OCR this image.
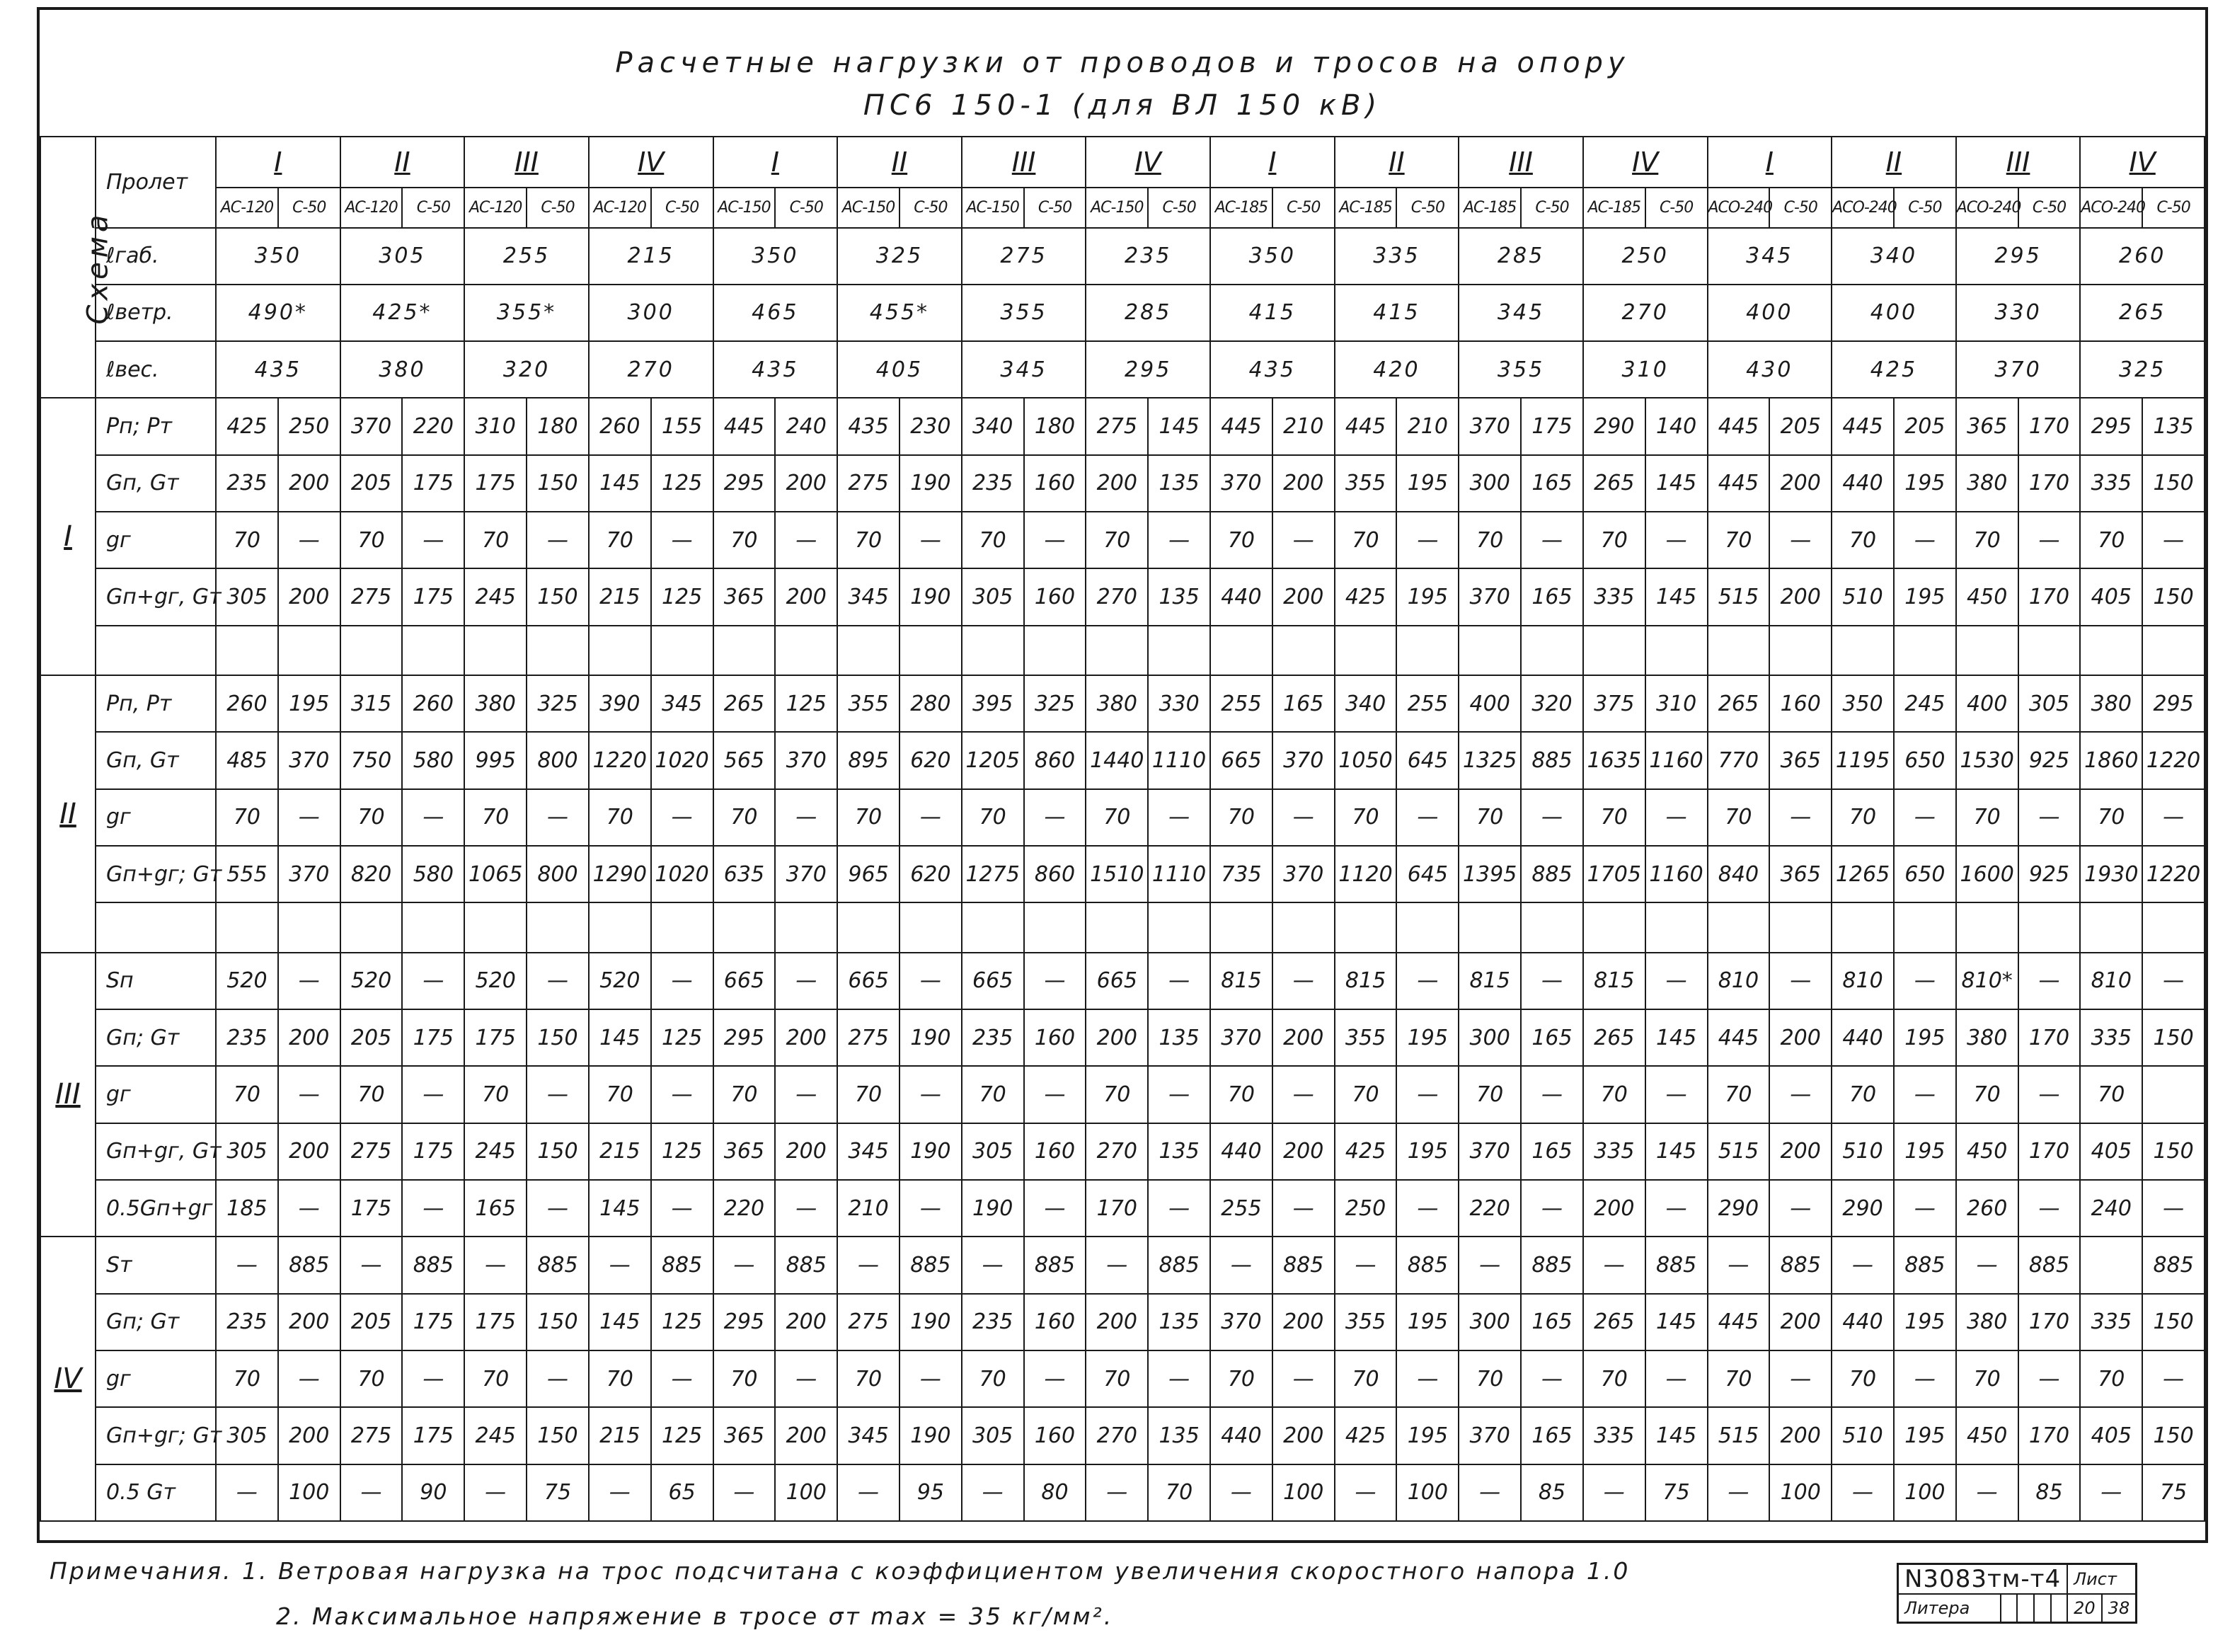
Расчетные нагрузки от проводов и тросов на опору
ПС6 150-1 (для ВЛ 150 кВ)
Схема	Пролет	I		II		III		IV		I		II		III		IV		I		II		III		IV		I		II		III		IV	
		АС-120	С-50	АС-120	С-50	АС-120	С-50	АС-120	С-50	АС-150	С-50	АС-150	С-50	АС-150	С-50	АС-150	С-50	АС-185	С-50	АС-185	С-50	АС-185	С-50	АС-185	С-50	АСО-240	С-50	АСО-240	С-50	АСО-240	С-50	АСО-240	С-50
	ℓгаб.	350		305		255		215		350		325		275		235		350		335		285		250		345		340		295		260	
	ℓветр.	490*		425*		355*		300		465		455*		355		285		415		415		345		270		400		400		330		265	
	ℓвес.	435		380		320		270		435		405		345		295		435		420		355		310		430		425		370		325	
I	Pп; Pт	425	250	370	220	310	180	260	155	445	240	435	230	340	180	275	145	445	210	445	210	370	175	290	140	445	205	445	205	365	170	295	135
	Gп, Gт	235	200	205	175	175	150	145	125	295	200	275	190	235	160	200	135	370	200	355	195	300	165	265	145	445	200	440	195	380	170	335	150
	gг	70	—	70	—	70	—	70	—	70	—	70	—	70	—	70	—	70	—	70	—	70	—	70	—	70	—	70	—	70	—	70	—
	Gп+gг, Gт	305	200	275	175	245	150	215	125	365	200	345	190	305	160	270	135	440	200	425	195	370	165	335	145	515	200	510	195	450	170	405	150

II	Pп, Pт	260	195	315	260	380	325	390	345	265	125	355	280	395	325	380	330	255	165	340	255	400	320	375	310	265	160	350	245	400	305	380	295
	Gп, Gт	485	370	750	580	995	800	1220	1020	565	370	895	620	1205	860	1440	1110	665	370	1050	645	1325	885	1635	1160	770	365	1195	650	1530	925	1860	1220
	gг	70	—	70	—	70	—	70	—	70	—	70	—	70	—	70	—	70	—	70	—	70	—	70	—	70	—	70	—	70	—	70	—
	Gп+gг; Gт	555	370	820	580	1065	800	1290	1020	635	370	965	620	1275	860	1510	1110	735	370	1120	645	1395	885	1705	1160	840	365	1265	650	1600	925	1930	1220

III	Sп	520	—	520	—	520	—	520	—	665	—	665	—	665	—	665	—	815	—	815	—	815	—	815	—	810	—	810	—	810*	—	810	—
	Gп; Gт	235	200	205	175	175	150	145	125	295	200	275	190	235	160	200	135	370	200	355	195	300	165	265	145	445	200	440	195	380	170	335	150
	gг	70	—	70	—	70	—	70	—	70	—	70	—	70	—	70	—	70	—	70	—	70	—	70	—	70	—	70	—	70	—	70	
	Gп+gг, Gт	305	200	275	175	245	150	215	125	365	200	345	190	305	160	270	135	440	200	425	195	370	165	335	145	515	200	510	195	450	170	405	150
	0.5Gп+gг	185	—	175	—	165	—	145	—	220	—	210	—	190	—	170	—	255	—	250	—	220	—	200	—	290	—	290	—	260	—	240	—
IV	Sт	—	885	—	885	—	885	—	885	—	885	—	885	—	885	—	885	—	885	—	885	—	885	—	885	—	885	—	885	—	885		885
	Gп; Gт	235	200	205	175	175	150	145	125	295	200	275	190	235	160	200	135	370	200	355	195	300	165	265	145	445	200	440	195	380	170	335	150
	gг	70	—	70	—	70	—	70	—	70	—	70	—	70	—	70	—	70	—	70	—	70	—	70	—	70	—	70	—	70	—	70	—
	Gп+gг; Gт	305	200	275	175	245	150	215	125	365	200	345	190	305	160	270	135	440	200	425	195	370	165	335	145	515	200	510	195	450	170	405	150
	0.5 Gт	—	100	—	90	—	75	—	65	—	100	—	95	—	80	—	70	—	100	—	100	—	85	—	75	—	100	—	100	—	85	—	75
Примечания. 1. Ветровая нагрузка на трос подсчитана с коэффициентом увеличения скоростного напора 1.0
2. Максимальное напряжение в тросе σт max = 35 кг/мм².
N3083тм-т4					Лист	
Литера					20	38
